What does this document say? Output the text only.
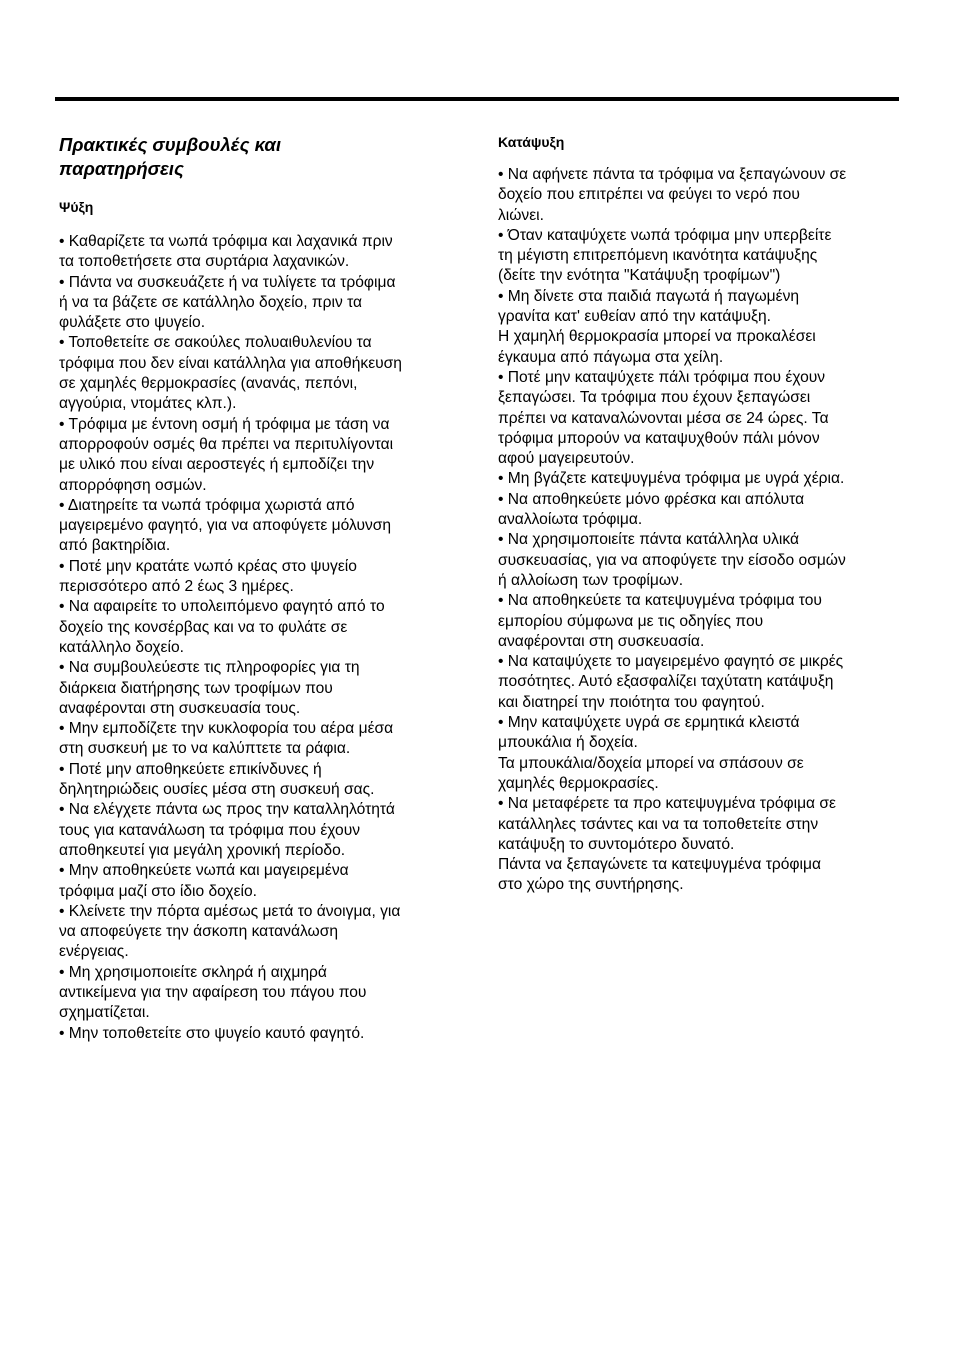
Πρακτικές συμβουλές και
παρατηρήσεις
Ψύξη
• Καθαρίζετε τα νωπά τρόφιμα και λαχανικά πριν
τα τοποθετήσετε στα συρτάρια λαχανικών.
• Πάντα να συσκευάζετε ή να τυλίγετε τα τρόφιμα
ή να τα βάζετε σε κατάλληλο δοχείο, πριν τα
φυλάξετε στο ψυγείο.
• Τοποθετείτε σε σακούλες πολυαιθυλενίου τα
τρόφιμα που δεν είναι κατάλληλα για αποθήκευση
σε χαμηλές θερμοκρασίες (ανανάς, πεπόνι,
αγγούρια, ντομάτες κλπ.).
• Τρόφιμα με έντονη οσμή ή τρόφιμα με τάση να
απορροφούν οσμές θα πρέπει να περιτυλίγονται
με υλικό που είναι αεροστεγές ή εμποδίζει την
απορρόφηση οσμών.
• Διατηρείτε τα νωπά τρόφιμα χωριστά από
μαγειρεμένο φαγητό, για να αποφύγετε μόλυνση
από βακτηρίδια.
• Ποτέ μην κρατάτε νωπό κρέας στο ψυγείο
περισσότερο από 2 έως 3 ημέρες.
• Να αφαιρείτε το υπολειπόμενο φαγητό από το
δοχείο της κονσέρβας και να το φυλάτε σε
κατάλληλο δοχείο.
• Να συμβουλεύεστε τις πληροφορίες για τη
διάρκεια διατήρησης των τροφίμων που
αναφέρονται στη συσκευασία τους.
• Μην εμποδίζετε την κυκλοφορία του αέρα μέσα
στη συσκευή με το να καλύπτετε τα ράφια.
• Ποτέ μην αποθηκεύετε επικίνδυνες ή
δηλητηριώδεις ουσίες μέσα στη συσκευή σας.
• Να ελέγχετε πάντα ως προς την καταλληλότητά
τους για κατανάλωση τα τρόφιμα που έχουν
αποθηκευτεί για μεγάλη χρονική περίοδο.
• Μην αποθηκεύετε νωπά και μαγειρεμένα
τρόφιμα μαζί στο ίδιο δοχείο.
• Κλείνετε την πόρτα αμέσως μετά το άνοιγμα, για
να αποφεύγετε την άσκοπη κατανάλωση
ενέργειας.
• Μη χρησιμοποιείτε σκληρά ή αιχμηρά
αντικείμενα για την αφαίρεση του πάγου που
σχηματίζεται.
• Μην τοποθετείτε στο ψυγείο καυτό φαγητό.
Κατάψυξη
• Να αφήνετε πάντα τα τρόφιμα να ξεπαγώνουν σε
δοχείο που επιτρέπει να φεύγει το νερό που
λιώνει.
• Όταν καταψύχετε νωπά τρόφιμα μην υπερβείτε
τη μέγιστη επιτρεπόμενη ικανότητα κατάψυξης
(δείτε την ενότητα "Κατάψυξη τροφίμων")
• Μη δίνετε στα παιδιά παγωτά ή παγωμένη
γρανίτα κατ' ευθείαν από την κατάψυξη.
Η χαμηλή θερμοκρασία μπορεί να προκαλέσει
έγκαυμα από πάγωμα στα χείλη.
• Ποτέ μην καταψύχετε πάλι τρόφιμα που έχουν
ξεπαγώσει. Τα τρόφιμα που έχουν ξεπαγώσει
πρέπει να καταναλώνονται μέσα σε 24 ώρες. Τα
τρόφιμα μπορούν να καταψυχθούν πάλι μόνον
αφού μαγειρευτούν.
• Μη βγάζετε κατεψυγμένα τρόφιμα με υγρά χέρια.
• Να αποθηκεύετε μόνο φρέσκα και απόλυτα
αναλλοίωτα τρόφιμα.
• Να χρησιμοποιείτε πάντα κατάλληλα υλικά
συσκευασίας, για να αποφύγετε την είσοδο οσμών
ή αλλοίωση των τροφίμων.
• Να αποθηκεύετε τα κατεψυγμένα τρόφιμα του
εμπορίου σύμφωνα με τις οδηγίες που
αναφέρονται στη συσκευασία.
• Να καταψύχετε το μαγειρεμένο φαγητό σε μικρές
ποσότητες. Αυτό εξασφαλίζει ταχύτατη κατάψυξη
και διατηρεί την ποιότητα του φαγητού.
• Μην καταψύχετε υγρά σε ερμητικά κλειστά
μπουκάλια ή δοχεία.
Τα μπουκάλια/δοχεία μπορεί να σπάσουν σε
χαμηλές θερμοκρασίες.
• Να μεταφέρετε τα προ κατεψυγμένα τρόφιμα σε
κατάλληλες τσάντες και να τα τοποθετείτε στην
κατάψυξη το συντομότερο δυνατό.
Πάντα να ξεπαγώνετε τα κατεψυγμένα τρόφιμα
στο χώρο της συντήρησης.
